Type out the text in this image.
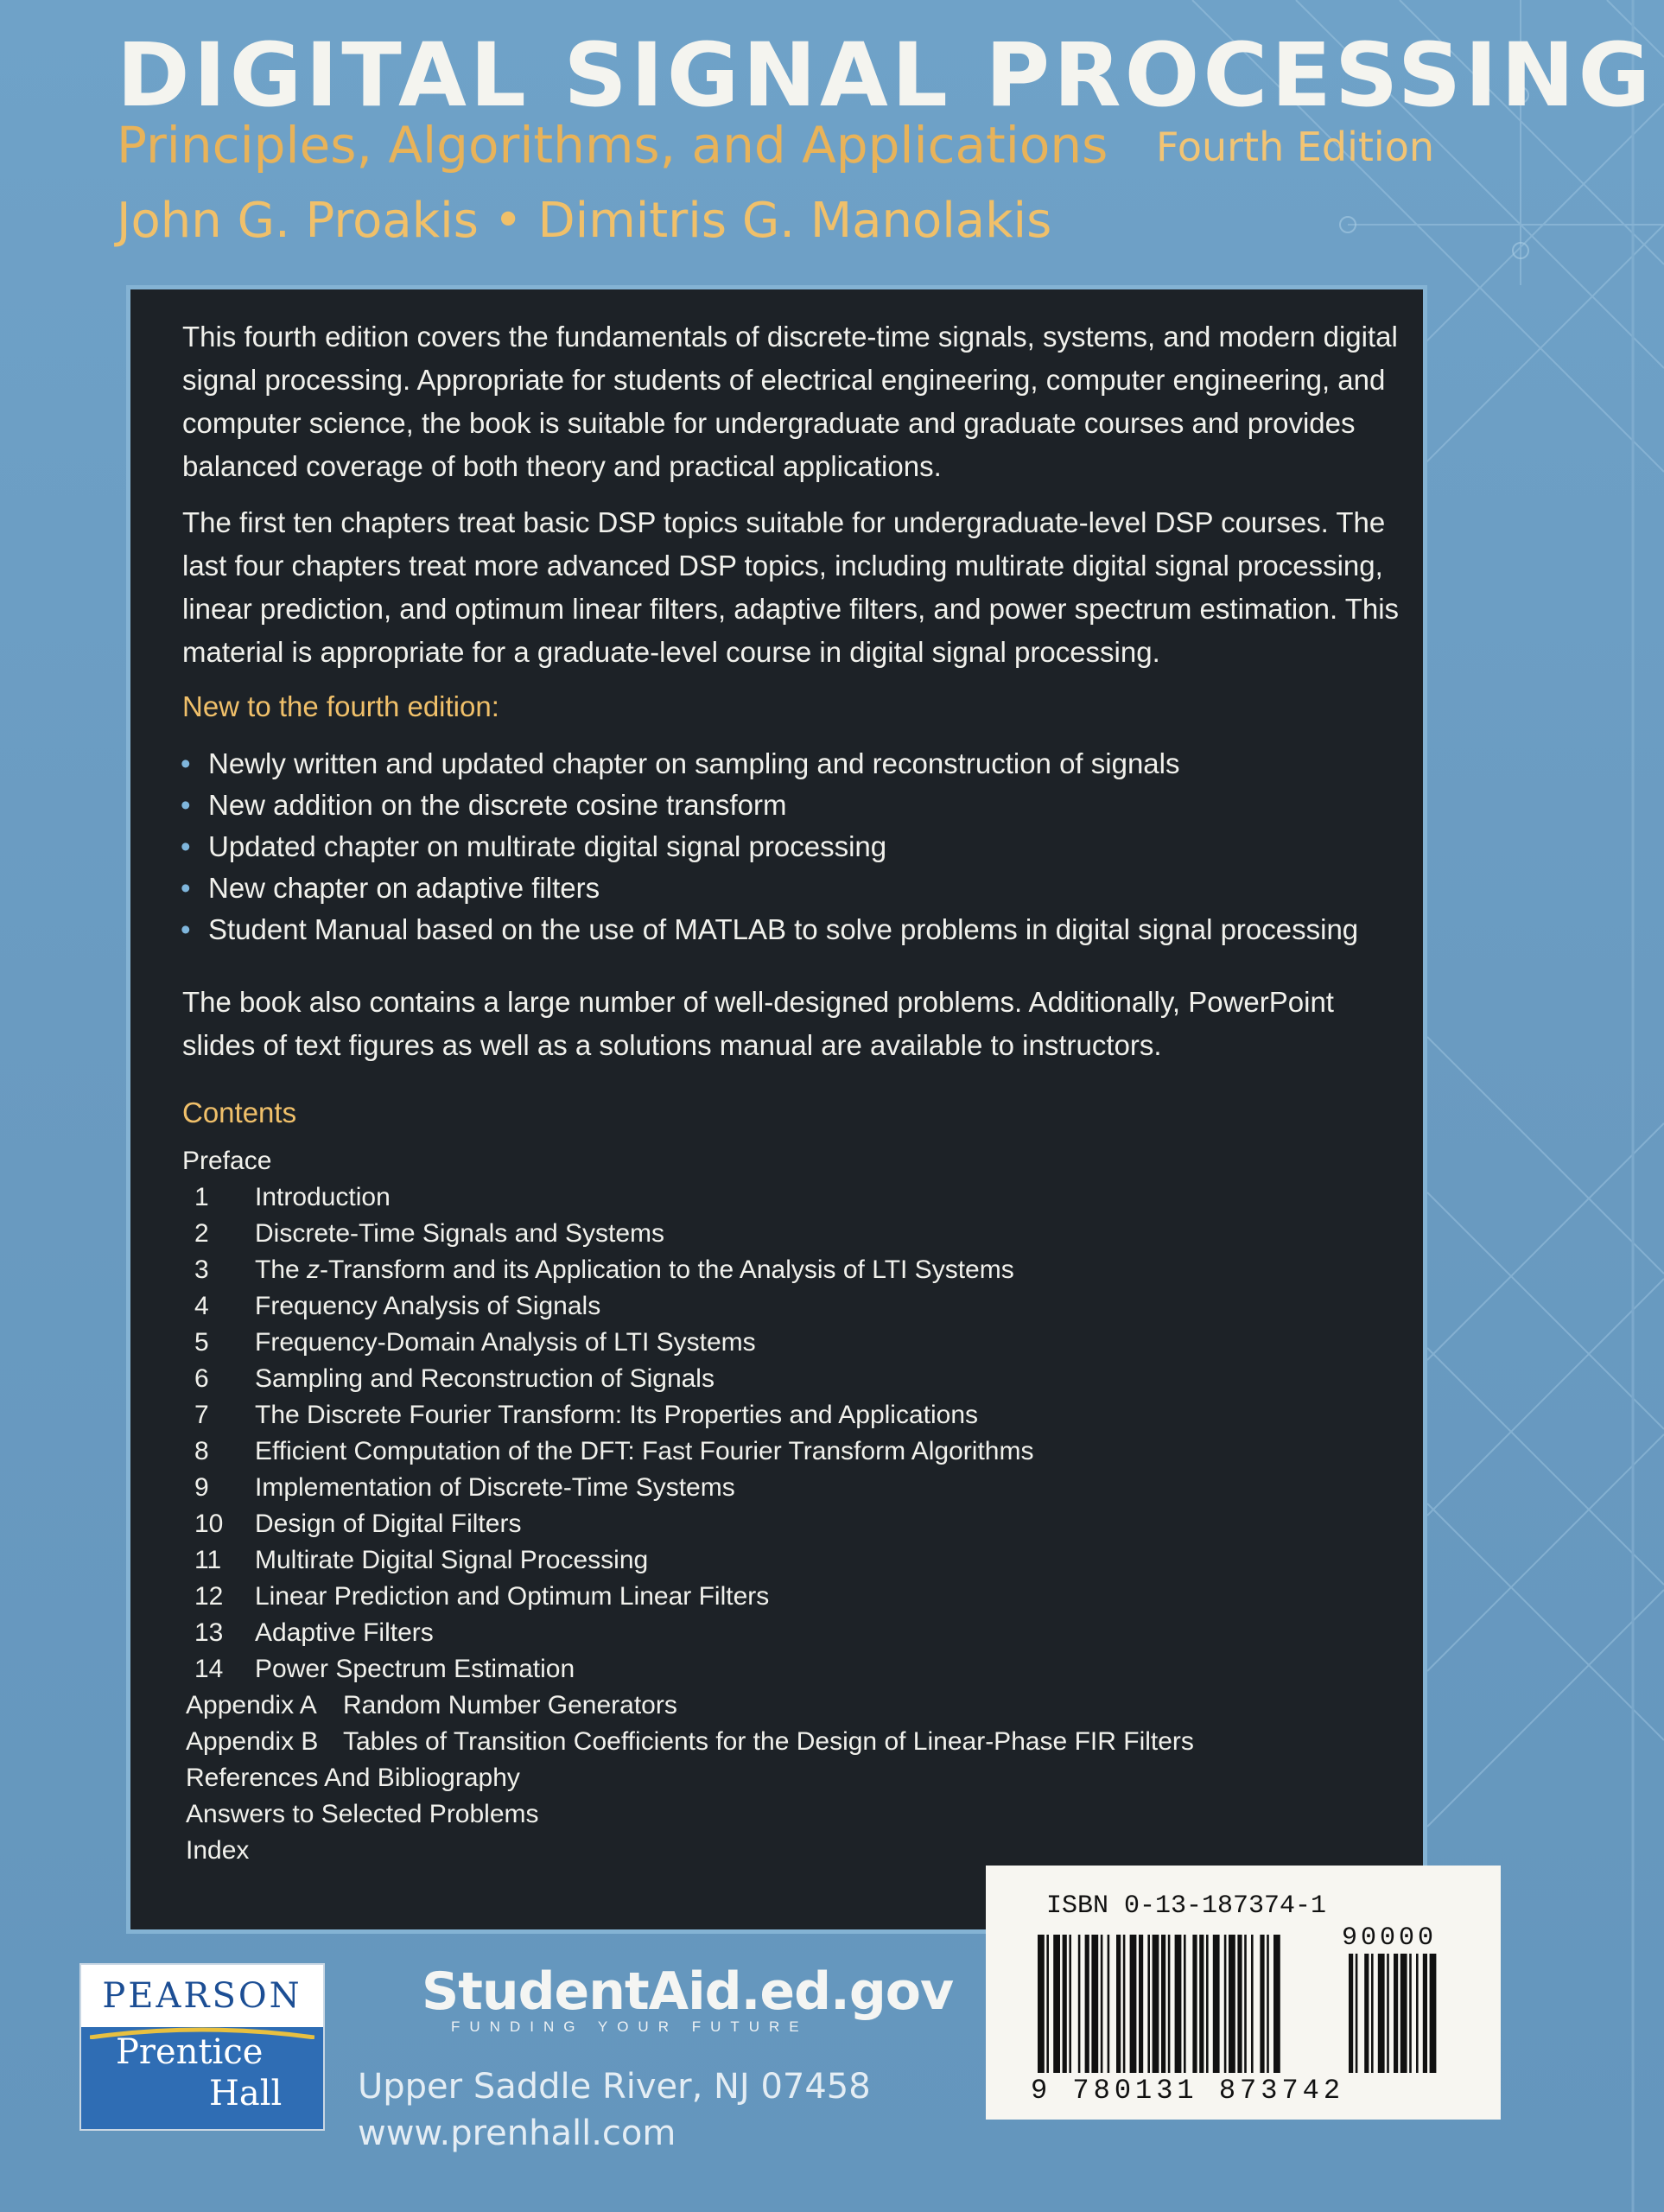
DIGITAL SIGNAL PROCESSING
Principles, Algorithms, and Applications Fourth Edition
John G. Proakis • Dimitris G. Manolakis

This fourth edition covers the fundamentals of discrete-time signals, systems, and modern digital signal processing. Appropriate for students of electrical engineering, computer engineering, and computer science, the book is suitable for undergraduate and graduate courses and provides balanced coverage of both theory and practical applications.

The first ten chapters treat basic DSP topics suitable for undergraduate-level DSP courses. The last four chapters treat more advanced DSP topics, including multirate digital signal processing, linear prediction, and optimum linear filters, adaptive filters, and power spectrum estimation. This material is appropriate for a graduate-level course in digital signal processing.

New to the fourth edition:

• Newly written and updated chapter on sampling and reconstruction of signals
• New addition on the discrete cosine transform
• Updated chapter on multirate digital signal processing
• New chapter on adaptive filters
• Student Manual based on the use of MATLAB to solve problems in digital signal processing

The book also contains a large number of well-designed problems. Additionally, PowerPoint slides of text figures as well as a solutions manual are available to instructors.

Contents

Preface
1 Introduction
2 Discrete-Time Signals and Systems
3 The z-Transform and its Application to the Analysis of LTI Systems
4 Frequency Analysis of Signals
5 Frequency-Domain Analysis of LTI Systems
6 Sampling and Reconstruction of Signals
7 The Discrete Fourier Transform: Its Properties and Applications
8 Efficient Computation of the DFT: Fast Fourier Transform Algorithms
9 Implementation of Discrete-Time Systems
10 Design of Digital Filters
11 Multirate Digital Signal Processing
12 Linear Prediction and Optimum Linear Filters
13 Adaptive Filters
14 Power Spectrum Estimation
Appendix A Random Number Generators
Appendix B Tables of Transition Coefficients for the Design of Linear-Phase FIR Filters
References And Bibliography
Answers to Selected Problems
Index
ISBN 0-13-187374-1
90000
9 780131 873742
PEARSON
Prentice
Hall
StudentAid.ed.gov
FUNDING YOUR FUTURE
Upper Saddle River, NJ 07458
www.prenhall.com
